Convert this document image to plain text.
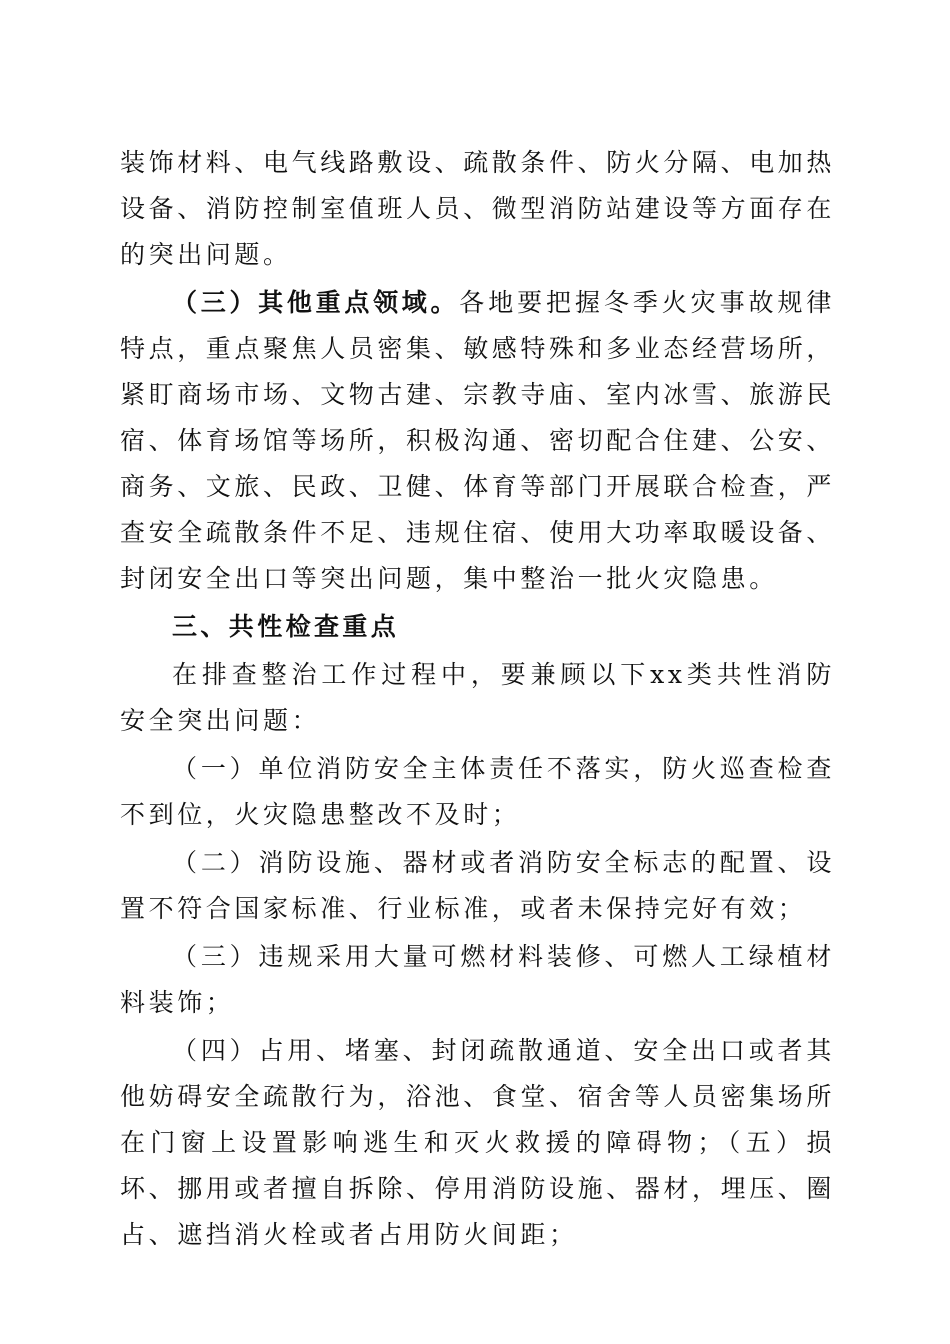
装饰材料、电气线路敷设、疏散条件、防火分隔、电加热设备、消防控制室值班人员、微型消防站建设等方面存在的突出问题。

（三）其他重点领域。各地要把握冬季火灾事故规律特点，重点聚焦人员密集、敏感特殊和多业态经营场所，紧盯商场市场、文物古建、宗教寺庙、室内冰雪、旅游民宿、体育场馆等场所，积极沟通、密切配合住建、公安、商务、文旅、民政、卫健、体育等部门开展联合检查，严查安全疏散条件不足、违规住宿、使用大功率取暖设备、封闭安全出口等突出问题，集中整治一批火灾隐患。

三、共性检查重点

在排查整治工作过程中，要兼顾以下xx类共性消防安全突出问题：

（一）单位消防安全主体责任不落实，防火巡查检查不到位，火灾隐患整改不及时；

（二）消防设施、器材或者消防安全标志的配置、设置不符合国家标准、行业标准，或者未保持完好有效；

（三）违规采用大量可燃材料装修、可燃人工绿植材料装饰；

（四）占用、堵塞、封闭疏散通道、安全出口或者其他妨碍安全疏散行为，浴池、食堂、宿舍等人员密集场所在门窗上设置影响逃生和灭火救援的障碍物；（五）损坏、挪用或者擅自拆除、停用消防设施、器材，埋压、圈占、遮挡消火栓或者占用防火间距；
